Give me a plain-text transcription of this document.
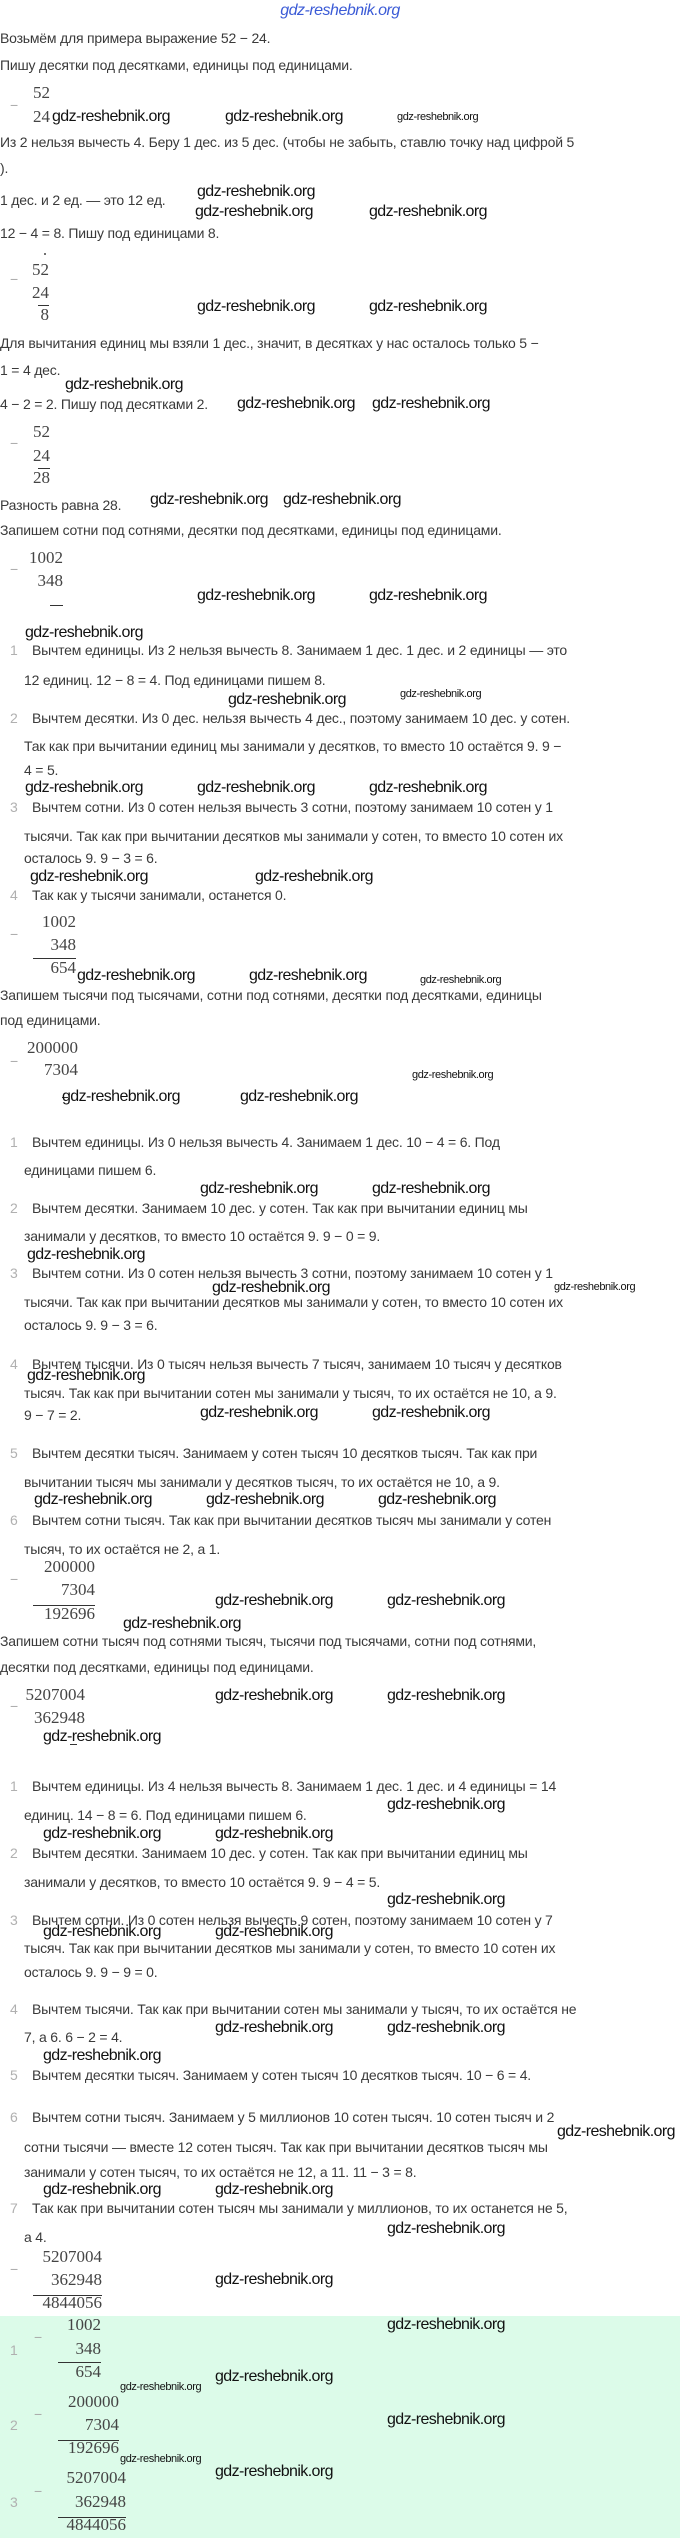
gdz-reshebnik.org
Возьмём для примера выражение 52 − 24.
Пишу десятки под десятками, единицы под единицами.
Из 2 нельзя вычесть 4. Беру 1 дес. из 5 дес. (чтобы не забыть, ставлю точку над цифрой 5
).
1 дес. и 2 ед. — это 12 ед.
12 − 4 = 8. Пишу под единицами 8.
Для вычитания единиц мы взяли 1 дес., значит, в десятках у нас осталось только 5 −
1 = 4 дес.
4 − 2 = 2. Пишу под десятками 2.
Разность равна 28.
Запишем сотни под сотнями, десятки под десятками, единицы под единицами.
1 Вычтем единицы. Из 2 нельзя вычесть 8. Занимаем 1 дес. 1 дес. и 2 единицы — это
12 единиц. 12 − 8 = 4. Под единицами пишем 8.
2 Вычтем десятки. Из 0 дес. нельзя вычесть 4 дес., поэтому занимаем 10 дес. у сотен.
Так как при вычитании единиц мы занимали у десятков, то вместо 10 остаётся 9. 9 −
4 = 5.
3 Вычтем сотни. Из 0 сотен нельзя вычесть 3 сотни, поэтому занимаем 10 сотен у 1
тысячи. Так как при вычитании десятков мы занимали у сотен, то вместо 10 сотен их
осталось 9. 9 − 3 = 6.
4 Так как у тысячи занимали, останется 0.
Запишем тысячи под тысячами, сотни под сотнями, десятки под десятками, единицы
под единицами.
1 Вычтем единицы. Из 0 нельзя вычесть 4. Занимаем 1 дес. 10 − 4 = 6. Под
единицами пишем 6.
2 Вычтем десятки. Занимаем 10 дес. у сотен. Так как при вычитании единиц мы
занимали у десятков, то вместо 10 остаётся 9. 9 − 0 = 9.
3 Вычтем сотни. Из 0 сотен нельзя вычесть 3 сотни, поэтому занимаем 10 сотен у 1
тысячи. Так как при вычитании десятков мы занимали у сотен, то вместо 10 сотен их
осталось 9. 9 − 3 = 6.
4 Вычтем тысячи. Из 0 тысяч нельзя вычесть 7 тысяч, занимаем 10 тысяч у десятков
тысяч. Так как при вычитании сотен мы занимали у тысяч, то их остаётся не 10, а 9.
9 − 7 = 2.
5 Вычтем десятки тысяч. Занимаем у сотен тысяч 10 десятков тысяч. Так как при
вычитании тысяч мы занимали у десятков тысяч, то их остаётся не 10, а 9.
6 Вычтем сотни тысяч. Так как при вычитании десятков тысяч мы занимали у сотен
тысяч, то их остаётся не 2, а 1.
Запишем сотни тысяч под сотнями тысяч, тысячи под тысячами, сотни под сотнями,
десятки под десятками, единицы под единицами.
1 Вычтем единицы. Из 4 нельзя вычесть 8. Занимаем 1 дес. 1 дес. и 4 единицы = 14
единиц. 14 − 8 = 6. Под единицами пишем 6.
2 Вычтем десятки. Занимаем 10 дес. у сотен. Так как при вычитании единиц мы
занимали у десятков, то вместо 10 остаётся 9. 9 − 4 = 5.
3 Вычтем сотни. Из 0 сотен нельзя вычесть 9 сотен, поэтому занимаем 10 сотен у 7
тысяч. Так как при вычитании десятков мы занимали у сотен, то вместо 10 сотен их
осталось 9. 9 − 9 = 0.
4 Вычтем тысячи. Так как при вычитании сотен мы занимали у тысяч, то их остаётся не
7, а 6. 6 − 2 = 4.
5 Вычтем десятки тысяч. Занимаем у сотен тысяч 10 десятков тысяч. 10 − 6 = 4.
6 Вычтем сотни тысяч. Занимаем у 5 миллионов 10 сотен тысяч. 10 сотен тысяч и 2
сотни тысячи — вместе 12 сотен тысяч. Так как при вычитании десятков тысяч мы
занимали у сотен тысяч, то их остаётся не 12, а 11. 11 − 3 = 8.
7 Так как при вычитании сотен тысяч мы занимали у миллионов, то их останется не 5,
а 4.
−
52
24
− 52
24
8
−
52
24
28
−
1002
348
−
1002
348
654
−
200000
7304
−
200000
7304
192696
−
5207004
362948
−
5207004
362948
4844056
1
−
1002
348
654
2
−
200000
7304
192696
3
−
5207004
362948
4844056
gdz-reshebnik.org	gdz-reshebnik.org
gdz-reshebnik.org
gdz-reshebnik.org
gdz-reshebnik.org
gdz-reshebnik.org	gdz-reshebnik.org
gdz-reshebnik.org
gdz-reshebnik.org gdz-reshebnik.org
gdz-reshebnik.org gdz-reshebnik.org
gdz-reshebnik.org	gdz-reshebnik.org
gdz-reshebnik.org
gdz-reshebnik.org
gdz-reshebnik.org	gdz-reshebnik.org	gdz-reshebnik.org
gdz-reshebnik.org	gdz-reshebnik.org
gdz-reshebnik.org	gdz-reshebnik.org
gdz-reshebnik.org	gdz-reshebnik.org
gdz-reshebnik.org	gdz-reshebnik.org
gdz-reshebnik.org
gdz-reshebnik.org
gdz-reshebnik.org
gdz-reshebnik.org	gdz-reshebnik.org
gdz-reshebnik.org	gdz-reshebnik.org	gdz-reshebnik.org
gdz-reshebnik.org	gdz-reshebnik.org
gdz-reshebnik.org
gdz-reshebnik.org	gdz-reshebnik.org
gdz-reshebnik.org
gdz-reshebnik.org
gdz-reshebnik.org	gdz-reshebnik.org
gdz-reshebnik.org
gdz-reshebnik.org	gdz-reshebnik.org
gdz-reshebnik.org	gdz-reshebnik.org
gdz-reshebnik.org
gdz-reshebnik.org
gdz-reshebnik.org	gdz-reshebnik.org
gdz-reshebnik.org
gdz-reshebnik.org
gdz-reshebnik.org
gdz-reshebnik.org
gdz-reshebnik.org
gdz-reshebnik.org
gdz-reshebnik.org
gdz-reshebnik.org
gdz-reshebnik.org
gdz-reshebnik.org
gdz-reshebnik.org
gdz-reshebnik.org
gdz-reshebnik.org
